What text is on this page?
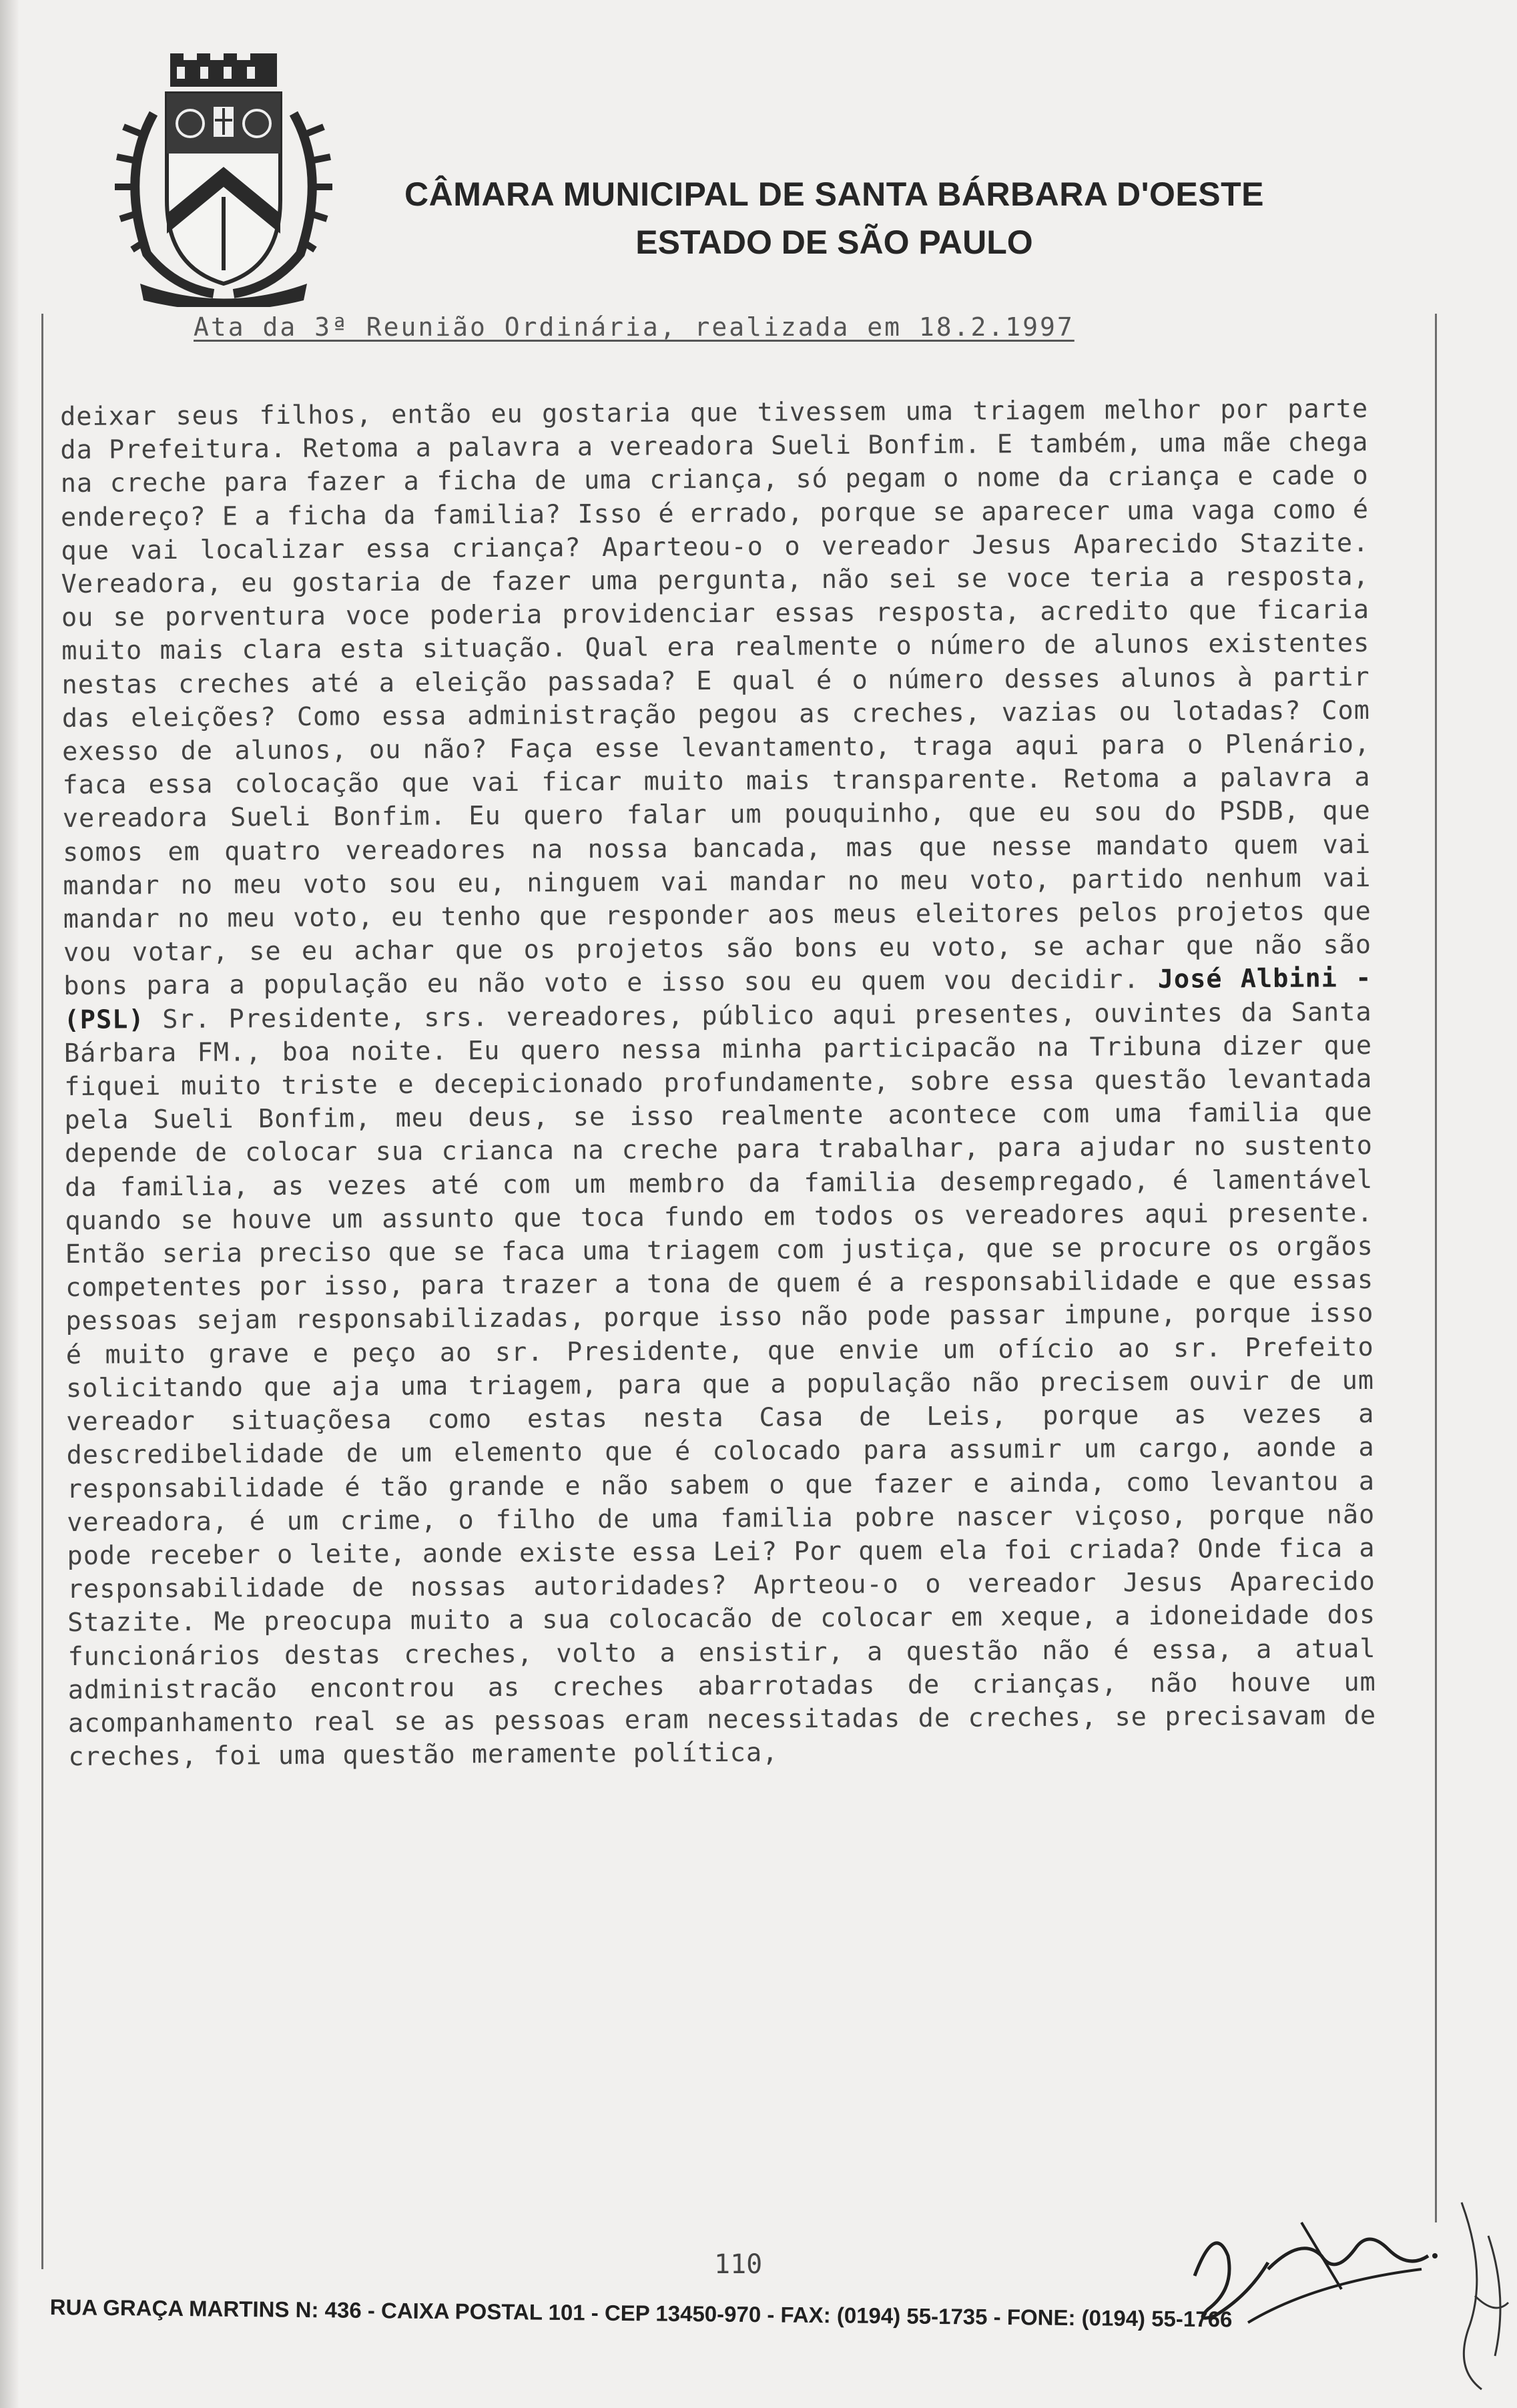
CÂMARA MUNICIPAL DE SANTA BÁRBARA D'OESTE
ESTADO DE SÃO PAULO
Ata da 3ª Reunião Ordinária, realizada em 18.2.1997

deixar seus filhos, então eu gostaria que tivessem uma triagem melhor por parte da Prefeitura. Retoma a palavra a vereadora Sueli Bonfim. E também, uma mãe chega na creche para fazer a ficha de uma criança, só pegam o nome da criança e cade o endereço? E a ficha da familia? Isso é errado, porque se aparecer uma vaga como é que vai localizar essa criança? Aparteou-o o vereador Jesus Aparecido Stazite. Vereadora, eu gostaria de fazer uma pergunta, não sei se voce teria a resposta, ou se porventura voce poderia providenciar essas resposta, acredito que ficaria muito mais clara esta situação. Qual era realmente o número de alunos existentes nestas creches até a eleição passada? E qual é o número desses alunos à partir das eleições? Como essa administração pegou as creches, vazias ou lotadas? Com exesso de alunos, ou não? Faça esse levantamento, traga aqui para o Plenário, faca essa colocação que vai ficar muito mais transparente. Retoma a palavra a vereadora Sueli Bonfim. Eu quero falar um pouquinho, que eu sou do PSDB, que somos em quatro vereadores na nossa bancada, mas que nesse mandato quem vai mandar no meu voto sou eu, ninguem vai mandar no meu voto, partido nenhum vai mandar no meu voto, eu tenho que responder aos meus eleitores pelos projetos que vou votar, se eu achar que os projetos são bons eu voto, se achar que não são bons para a população eu não voto e isso sou eu quem vou decidir. José Albini - (PSL) Sr. Presidente, srs. vereadores, público aqui presentes, ouvintes da Santa Bárbara FM., boa noite. Eu quero nessa minha participacão na Tribuna dizer que fiquei muito triste e decepicionado profundamente, sobre essa questão levantada pela Sueli Bonfim, meu deus, se isso realmente acontece com uma familia que depende de colocar sua crianca na creche para trabalhar, para ajudar no sustento da familia, as vezes até com um membro da familia desempregado, é lamentável quando se houve um assunto que toca fundo em todos os vereadores aqui presente. Então seria preciso que se faca uma triagem com justiça, que se procure os orgãos competentes por isso, para trazer a tona de quem é a responsabilidade e que essas pessoas sejam responsabilizadas, porque isso não pode passar impune, porque isso é muito grave e peço ao sr. Presidente, que envie um ofício ao sr. Prefeito solicitando que aja uma triagem, para que a população não precisem ouvir de um vereador situaçõesa como estas nesta Casa de Leis, porque as vezes a descredibelidade de um elemento que é colocado para assumir um cargo, aonde a responsabilidade é tão grande e não sabem o que fazer e ainda, como levantou a vereadora, é um crime, o filho de uma familia pobre nascer viçoso, porque não pode receber o leite, aonde existe essa Lei? Por quem ela foi criada? Onde fica a responsabilidade de nossas autoridades? Aprteou-o o vereador Jesus Aparecido Stazite. Me preocupa muito a sua colocacão de colocar em xeque, a idoneidade dos funcionários destas creches, volto a ensistir, a questão não é essa, a atual administracão encontrou as creches abarrotadas de crianças, não houve um acompanhamento real se as pessoas eram necessitadas de creches, se precisavam de creches, foi uma questão meramente política,

110
RUA GRAÇA MARTINS N: 436 - CAIXA POSTAL 101 - CEP 13450-970 - FAX: (0194) 55-1735 - FONE: (0194) 55-1766
